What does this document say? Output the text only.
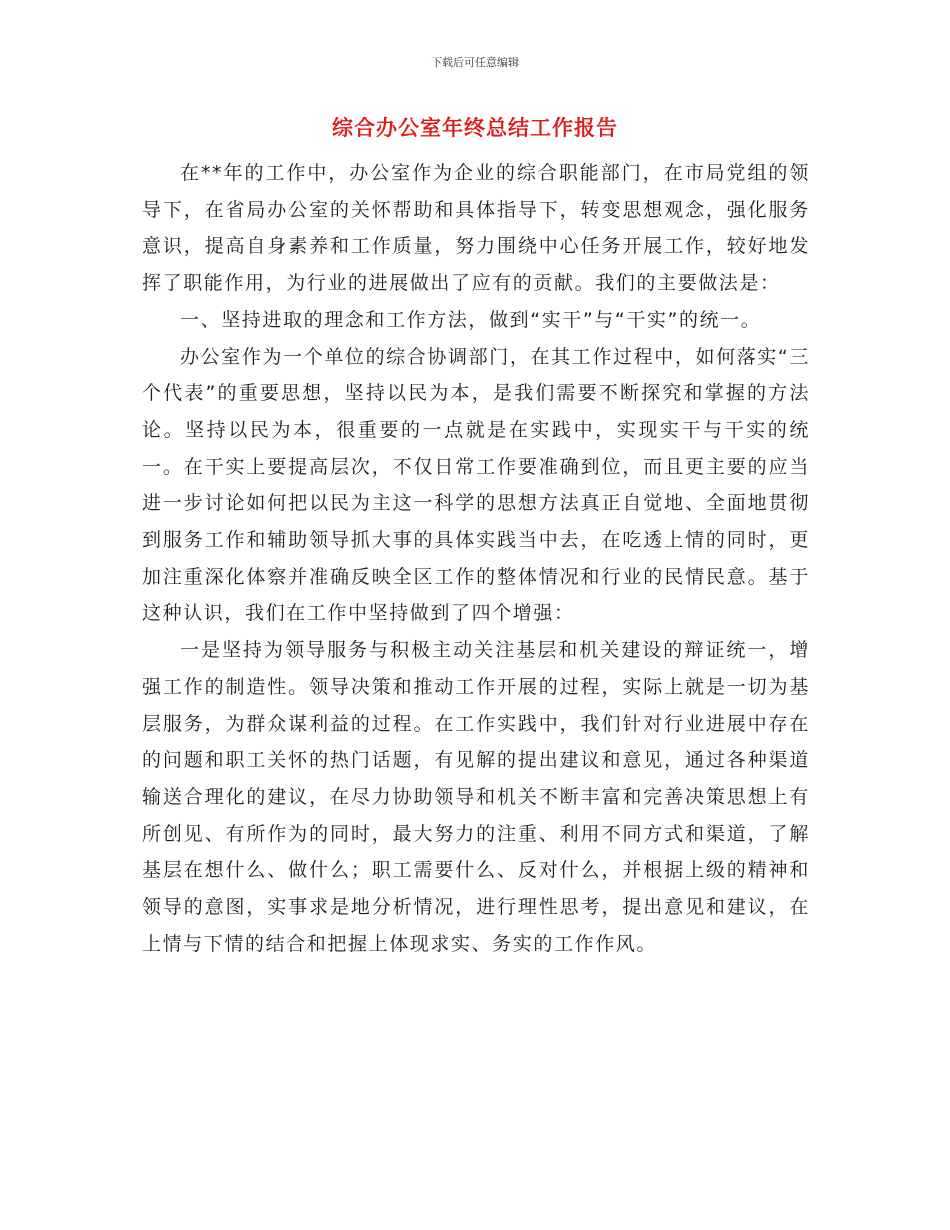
下载后可任意编辑
综合办公室年终总结工作报告

在**年的工作中，办公室作为企业的综合职能部门，在市局党组的领导下，在省局办公室的关怀帮助和具体指导下，转变思想观念，强化服务意识，提高自身素养和工作质量，努力围绕中心任务开展工作，较好地发挥了职能作用，为行业的进展做出了应有的贡献。我们的主要做法是：

一、坚持进取的理念和工作方法，做到“实干”与“干实”的统一。

办公室作为一个单位的综合协调部门，在其工作过程中，如何落实“三个代表”的重要思想，坚持以民为本，是我们需要不断探究和掌握的方法论。坚持以民为本，很重要的一点就是在实践中，实现实干与干实的统一。在干实上要提高层次，不仅日常工作要准确到位，而且更主要的应当进一步讨论如何把以民为主这一科学的思想方法真正自觉地、全面地贯彻到服务工作和辅助领导抓大事的具体实践当中去，在吃透上情的同时，更加注重深化体察并准确反映全区工作的整体情况和行业的民情民意。基于这种认识，我们在工作中坚持做到了四个增强：

一是坚持为领导服务与积极主动关注基层和机关建设的辩证统一，增强工作的制造性。领导决策和推动工作开展的过程，实际上就是一切为基层服务，为群众谋利益的过程。在工作实践中，我们针对行业进展中存在的问题和职工关怀的热门话题，有见解的提出建议和意见，通过各种渠道输送合理化的建议，在尽力协助领导和机关不断丰富和完善决策思想上有所创见、有所作为的同时，最大努力的注重、利用不同方式和渠道，了解基层在想什么、做什么；职工需要什么、反对什么，并根据上级的精神和领导的意图，实事求是地分析情况，进行理性思考，提出意见和建议，在上情与下情的结合和把握上体现求实、务实的工作作风。
